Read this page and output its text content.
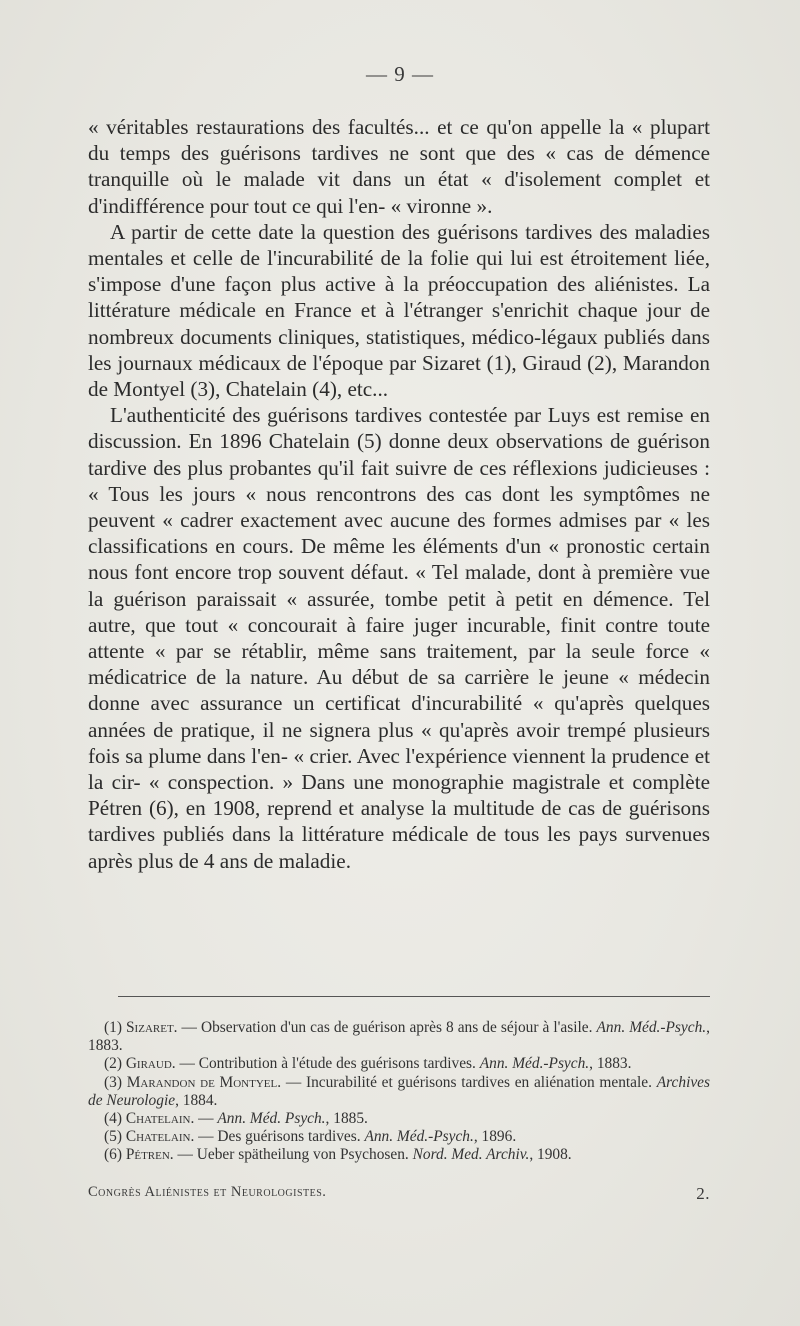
— 9 —

« véritables restaurations des facultés... et ce qu'on appelle la « plupart du temps des guérisons tardives ne sont que des « cas de démence tranquille où le malade vit dans un état « d'isolement complet et d'indifférence pour tout ce qui l'en- « vironne ».

A partir de cette date la question des guérisons tardives des maladies mentales et celle de l'incurabilité de la folie qui lui est étroitement liée, s'impose d'une façon plus active à la préoccupation des aliénistes. La littérature médicale en France et à l'étranger s'enrichit chaque jour de nombreux documents cliniques, statistiques, médico-légaux publiés dans les journaux médicaux de l'époque par Sizaret (1), Giraud (2), Marandon de Montyel (3), Chatelain (4), etc...

L'authenticité des guérisons tardives contestée par Luys est remise en discussion. En 1896 Chatelain (5) donne deux observations de guérison tardive des plus probantes qu'il fait suivre de ces réflexions judicieuses : « Tous les jours « nous rencontrons des cas dont les symptômes ne peuvent « cadrer exactement avec aucune des formes admises par « les classifications en cours. De même les éléments d'un « pronostic certain nous font encore trop souvent défaut. « Tel malade, dont à première vue la guérison paraissait « assurée, tombe petit à petit en démence. Tel autre, que tout « concourait à faire juger incurable, finit contre toute attente « par se rétablir, même sans traitement, par la seule force « médicatrice de la nature. Au début de sa carrière le jeune « médecin donne avec assurance un certificat d'incurabilité « qu'après quelques années de pratique, il ne signera plus « qu'après avoir trempé plusieurs fois sa plume dans l'en- « crier. Avec l'expérience viennent la prudence et la cir- « conspection. » Dans une monographie magistrale et complète Pétren (6), en 1908, reprend et analyse la multitude de cas de guérisons tardives publiés dans la littérature médicale de tous les pays survenues après plus de 4 ans de maladie.

(1) Sizaret. — Observation d'un cas de guérison après 8 ans de séjour à l'asile. Ann. Méd.-Psych., 1883.

(2) Giraud. — Contribution à l'étude des guérisons tardives. Ann. Méd.-Psych., 1883.

(3) Marandon de Montyel. — Incurabilité et guérisons tardives en aliénation mentale. Archives de Neurologie, 1884.

(4) Chatelain. — Ann. Méd. Psych., 1885.

(5) Chatelain. — Des guérisons tardives. Ann. Méd.-Psych., 1896.

(6) Pétren. — Ueber spätheilung von Psychosen. Nord. Med. Archiv., 1908.

Congrès Aliénistes et Neurologistes.	2.
